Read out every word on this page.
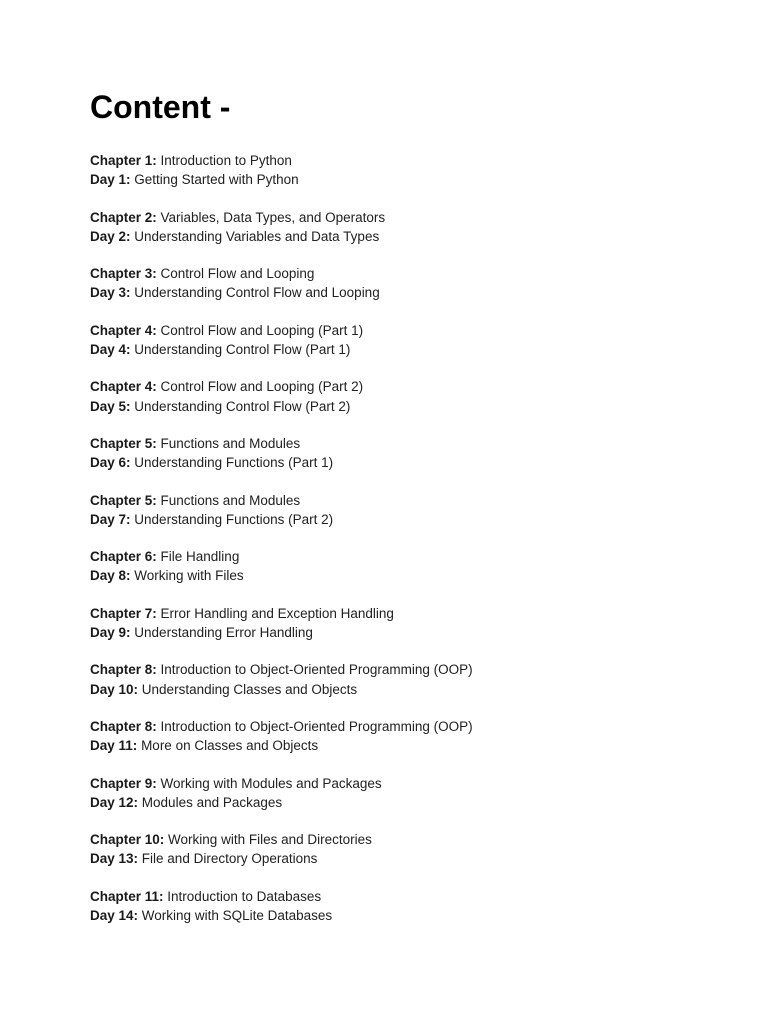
Content -

Chapter 1: Introduction to Python

Day 1: Getting Started with Python

Chapter 2: Variables, Data Types, and Operators

Day 2: Understanding Variables and Data Types

Chapter 3: Control Flow and Looping

Day 3: Understanding Control Flow and Looping

Chapter 4: Control Flow and Looping (Part 1)

Day 4: Understanding Control Flow (Part 1)

Chapter 4: Control Flow and Looping (Part 2)

Day 5: Understanding Control Flow (Part 2)

Chapter 5: Functions and Modules

Day 6: Understanding Functions (Part 1)

Chapter 5: Functions and Modules

Day 7: Understanding Functions (Part 2)

Chapter 6: File Handling

Day 8: Working with Files

Chapter 7: Error Handling and Exception Handling

Day 9: Understanding Error Handling

Chapter 8: Introduction to Object-Oriented Programming (OOP)

Day 10: Understanding Classes and Objects

Chapter 8: Introduction to Object-Oriented Programming (OOP)

Day 11: More on Classes and Objects

Chapter 9: Working with Modules and Packages

Day 12: Modules and Packages

Chapter 10: Working with Files and Directories

Day 13: File and Directory Operations

Chapter 11: Introduction to Databases

Day 14: Working with SQLite Databases
